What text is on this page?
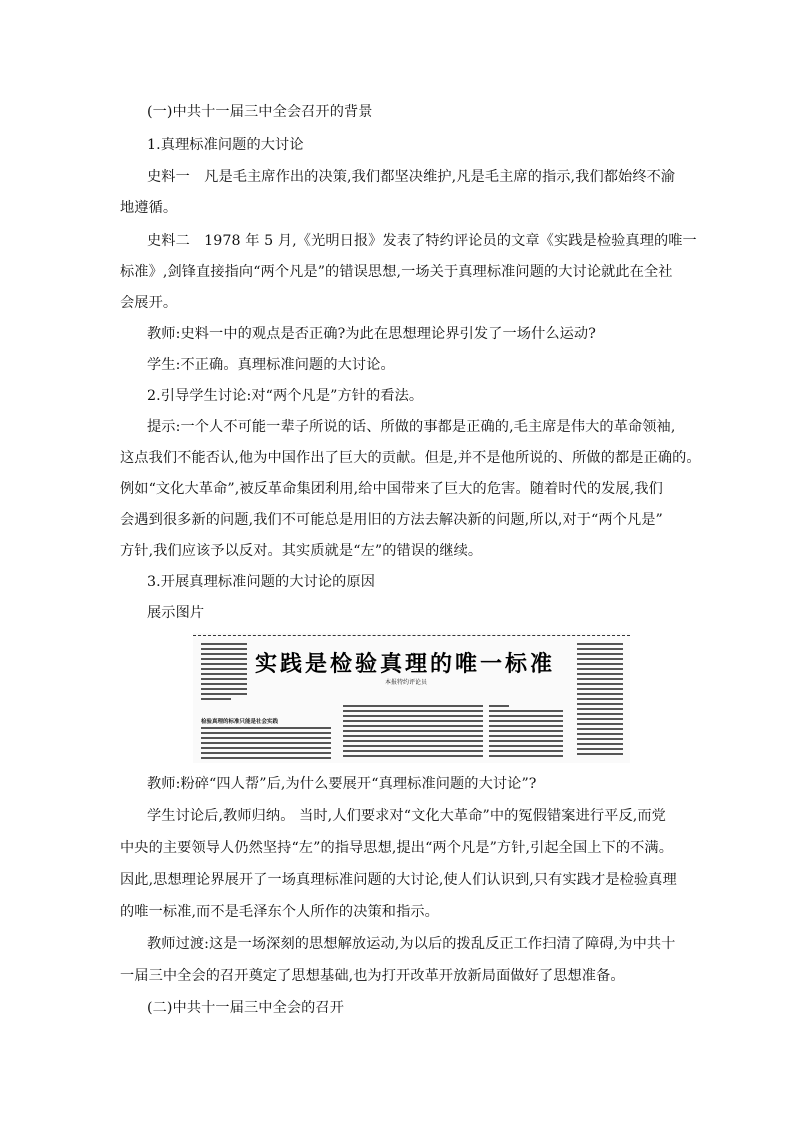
(一)中共十一届三中全会召开的背景
1.真理标准问题的大讨论
史料一　凡是毛主席作出的决策,我们都坚决维护,凡是毛主席的指示,我们都始终不渝
地遵循。
史料二　1978 年 5 月,《光明日报》发表了特约评论员的文章《实践是检验真理的唯一
标准》,剑锋直接指向“两个凡是”的错误思想,一场关于真理标准问题的大讨论就此在全社
会展开。
教师:史料一中的观点是否正确?为此在思想理论界引发了一场什么运动?
学生:不正确。真理标准问题的大讨论。
2.引导学生讨论:对“两个凡是”方针的看法。
提示:一个人不可能一辈子所说的话、所做的事都是正确的,毛主席是伟大的革命领袖,
这点我们不能否认,他为中国作出了巨大的贡献。但是,并不是他所说的、所做的都是正确的。
例如“文化大革命”,被反革命集团利用,给中国带来了巨大的危害。随着时代的发展,我们
会遇到很多新的问题,我们不可能总是用旧的方法去解决新的问题,所以,对于“两个凡是”
方针,我们应该予以反对。其实质就是“左”的错误的继续。
3.开展真理标准问题的大讨论的原因
展示图片
实践是检验真理的唯一标准
本报特约评论员
检验真理的标准只能是社会实践
教师:粉碎“四人帮”后,为什么要展开“真理标准问题的大讨论”?
学生讨论后,教师归纳。 当时,人们要求对“文化大革命”中的冤假错案进行平反,而党
中央的主要领导人仍然坚持“左”的指导思想,提出“两个凡是”方针,引起全国上下的不满。
因此,思想理论界展开了一场真理标准问题的大讨论,使人们认识到,只有实践才是检验真理
的唯一标准,而不是毛泽东个人所作的决策和指示。
教师过渡:这是一场深刻的思想解放运动,为以后的拨乱反正工作扫清了障碍,为中共十
一届三中全会的召开奠定了思想基础,也为打开改革开放新局面做好了思想准备。
(二)中共十一届三中全会的召开
